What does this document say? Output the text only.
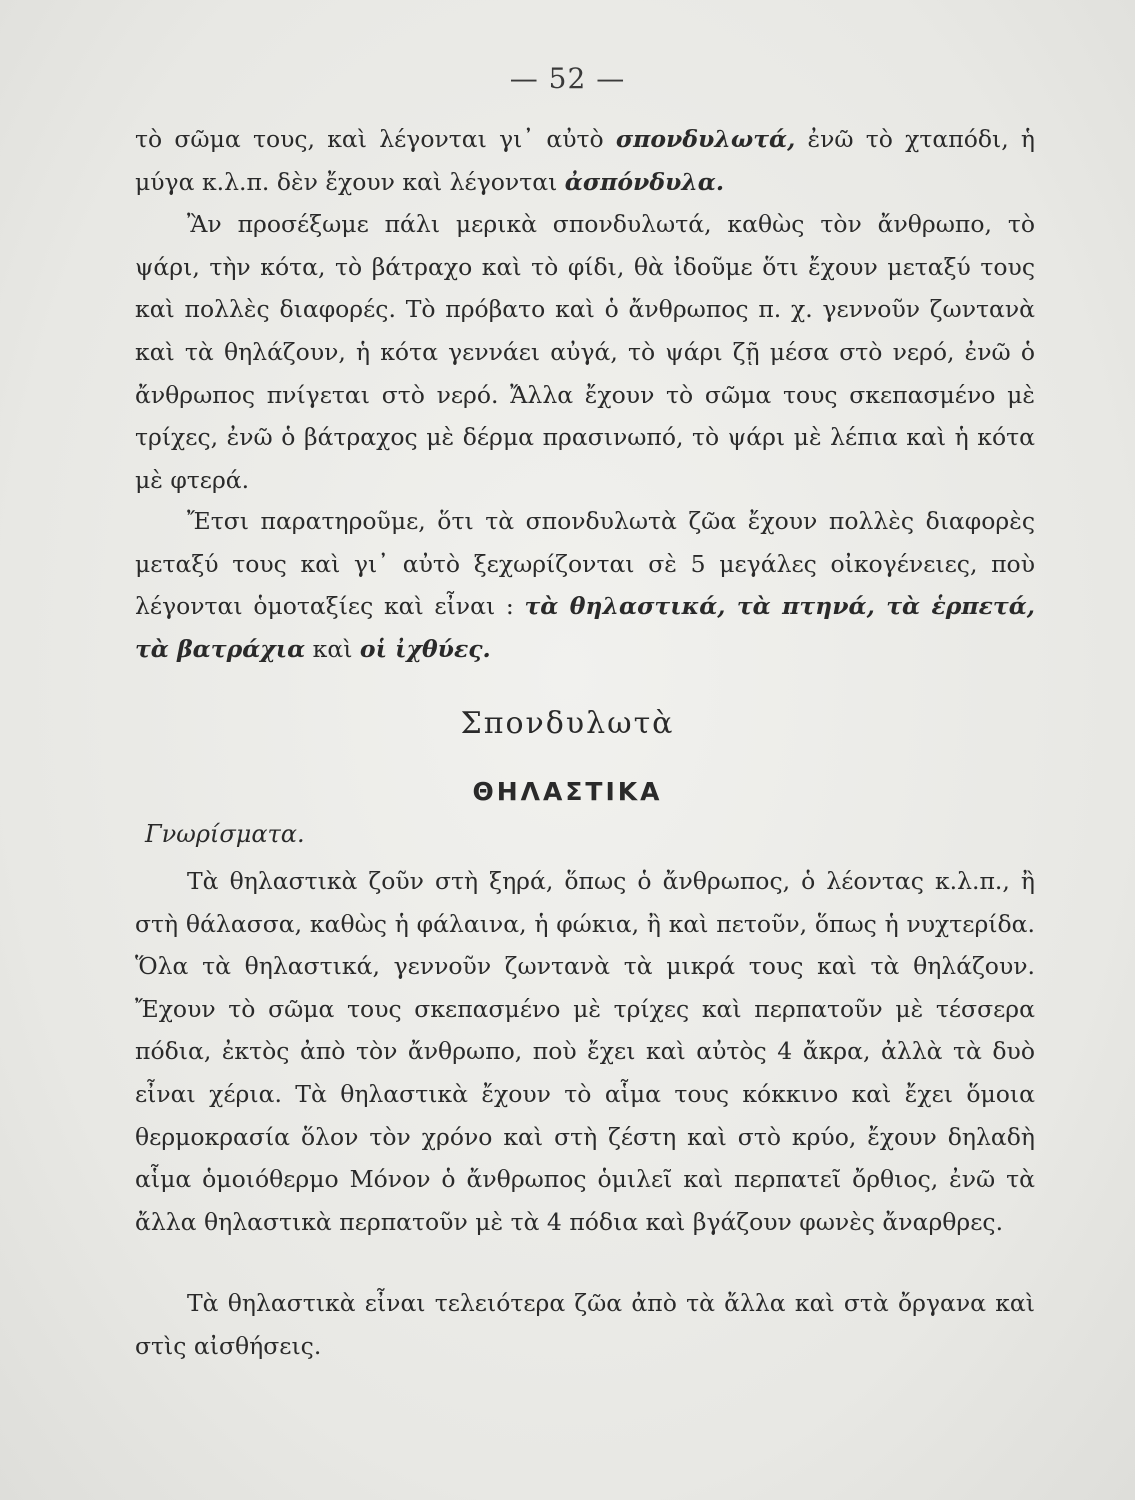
— 52 —

τὸ σῶμα τους, καὶ λέγονται γι᾽ αὐτὸ σπονδυλωτά, ἐνῶ τὸ χταπόδι, ἡ μύγα κ.λ.π. δὲν ἔχουν καὶ λέγονται ἀσπόνδυλα.

Ἂν προσέξωμε πάλι μερικὰ σπονδυλωτά, καθὼς τὸν ἄνθρωπο, τὸ ψάρι, τὴν κότα, τὸ βάτραχο καὶ τὸ φίδι, θὰ ἰδοῦμε ὅτι ἔχουν μεταξύ τους καὶ πολλὲς διαφορές. Τὸ πρόβατο καὶ ὁ ἄνθρωπος π. χ. γεννοῦν ζωντανὰ καὶ τὰ θηλάζουν, ἡ κότα γεννάει αὐγά, τὸ ψάρι ζῇ μέσα στὸ νερό, ἐνῶ ὁ ἄνθρωπος πνίγεται στὸ νερό. Ἄλλα ἔχουν τὸ σῶμα τους σκεπασμένο μὲ τρίχες, ἐνῶ ὁ βάτραχος μὲ δέρμα πρασινωπό, τὸ ψάρι μὲ λέπια καὶ ἡ κότα μὲ φτερά.

Ἔτσι παρατηροῦμε, ὅτι τὰ σπονδυλωτὰ ζῶα ἔχουν πολλὲς διαφορὲς μεταξύ τους καὶ γι᾽ αὐτὸ ξεχωρίζονται σὲ 5 μεγάλες οἰκογένειες, ποὺ λέγονται ὁμοταξίες καὶ εἶναι : τὰ θηλαστικά, τὰ πτηνά, τὰ ἑρπετά, τὰ βατράχια καὶ οἱ ἰχθύες.

Σπονδυλωτὰ
ΘΗΛΑΣΤΙΚΑ
Γνωρίσματα.

Τὰ θηλαστικὰ ζοῦν στὴ ξηρά, ὅπως ὁ ἄνθρωπος, ὁ λέοντας κ.λ.π., ἢ στὴ θάλασσα, καθὼς ἡ φάλαινα, ἡ φώκια, ἢ καὶ πετοῦν, ὅπως ἡ νυχτερίδα. Ὅλα τὰ θηλαστικά, γεννοῦν ζωντανὰ τὰ μικρά τους καὶ τὰ θηλάζουν. Ἔχουν τὸ σῶμα τους σκεπασμένο μὲ τρίχες καὶ περπατοῦν μὲ τέσσερα πόδια, ἐκτὸς ἀπὸ τὸν ἄνθρωπο, ποὺ ἔχει καὶ αὐτὸς 4 ἄκρα, ἀλλὰ τὰ δυὸ εἶναι χέρια. Τὰ θηλαστικὰ ἔχουν τὸ αἷμα τους κόκκινο καὶ ἔχει ὅμοια θερμοκρασία ὅλον τὸν χρόνο καὶ στὴ ζέστη καὶ στὸ κρύο, ἔχουν δηλαδὴ αἷμα ὁμοιόθερμο Μόνον ὁ ἄνθρωπος ὁμιλεῖ καὶ περπατεῖ ὄρθιος, ἐνῶ τὰ ἄλλα θηλαστικὰ περπατοῦν μὲ τὰ 4 πόδια καὶ βγάζουν φωνὲς ἄναρθρες.

Τὰ θηλαστικὰ εἶναι τελειότερα ζῶα ἀπὸ τὰ ἄλλα καὶ στὰ ὄργανα καὶ στὶς αἰσθήσεις.
